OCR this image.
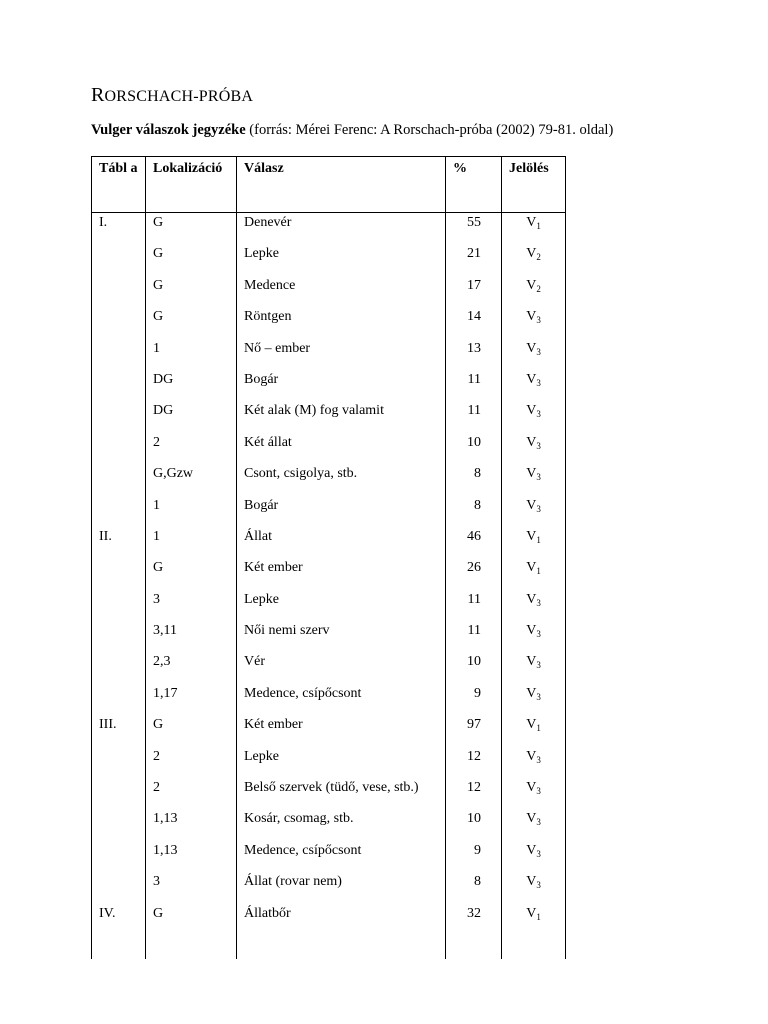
RORSCHACH-PRÓBA
Vulger válaszok jegyzéke (forrás: Mérei Ferenc: A Rorschach-próba (2002) 79-81. oldal)
Tábl a	Lokalizáció	Válasz	%	Jelölés
I.	G	Denevér	55	$V_1$
	G	Lepke	21	$V_2$
	G	Medence	17	$V_2$
	G	Röntgen	14	$V_3$
	1	Nő – ember	13	$V_3$
	DG	Bogár	11	$V_3$
	DG	Két alak (M) fog valamit	11	$V_3$
	2	Két állat	10	$V_3$
	G,Gzw	Csont, csigolya, stb.	8	$V_3$
	1	Bogár	8	$V_3$
II.	1	Állat	46	$V_1$
	G	Két ember	26	$V_1$
	3	Lepke	11	$V_3$
	3,11	Női nemi szerv	11	$V_3$
	2,3	Vér	10	$V_3$
	1,17	Medence, csípőcsont	9	$V_3$
III.	G	Két ember	97	$V_1$
	2	Lepke	12	$V_3$
	2	Belső szervek (tüdő, vese, stb.)	12	$V_3$
	1,13	Kosár, csomag, stb.	10	$V_3$
	1,13	Medence, csípőcsont	9	$V_3$
	3	Állat (rovar nem)	8	$V_3$
IV.	G	Állatbőr	32	$V_1$
